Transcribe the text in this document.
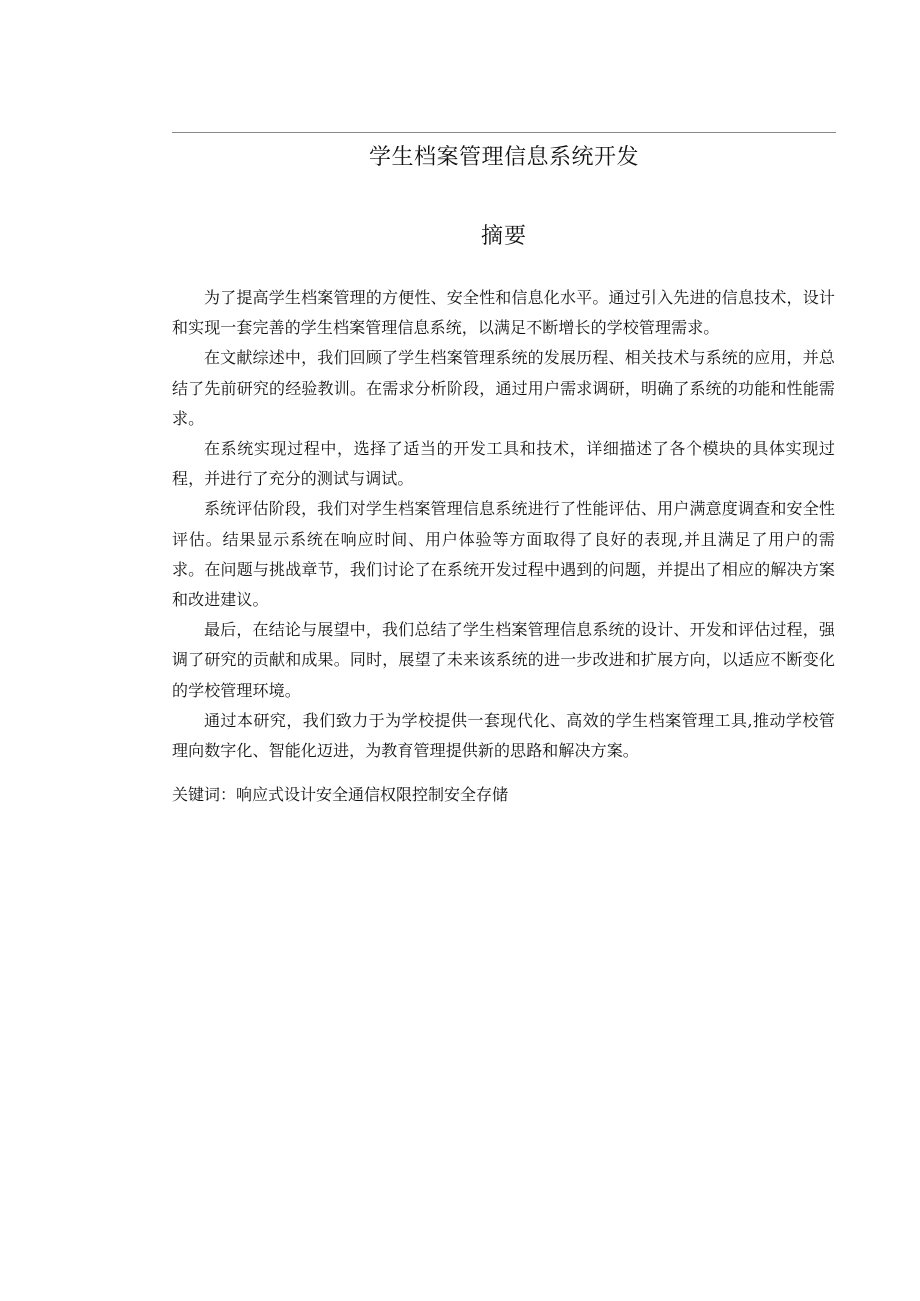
学生档案管理信息系统开发
摘要

为了提高学生档案管理的方便性、安全性和信息化水平。通过引入先进的信息技术，设计和实现一套完善的学生档案管理信息系统，以满足不断增长的学校管理需求。

在文献综述中，我们回顾了学生档案管理系统的发展历程、相关技术与系统的应用，并总结了先前研究的经验教训。在需求分析阶段，通过用户需求调研，明确了系统的功能和性能需求。

在系统实现过程中，选择了适当的开发工具和技术，详细描述了各个模块的具体实现过程，并进行了充分的测试与调试。

系统评估阶段，我们对学生档案管理信息系统进行了性能评估、用户满意度调查和安全性评估。结果显示系统在响应时间、用户体验等方面取得了良好的表现,并且满足了用户的需求。在问题与挑战章节，我们讨论了在系统开发过程中遇到的问题，并提出了相应的解决方案和改进建议。

最后，在结论与展望中，我们总结了学生档案管理信息系统的设计、开发和评估过程，强调了研究的贡献和成果。同时，展望了未来该系统的进一步改进和扩展方向，以适应不断变化的学校管理环境。

通过本研究，我们致力于为学校提供一套现代化、高效的学生档案管理工具,推动学校管理向数字化、智能化迈进，为教育管理提供新的思路和解决方案。

关键词：响应式设计安全通信权限控制安全存储
